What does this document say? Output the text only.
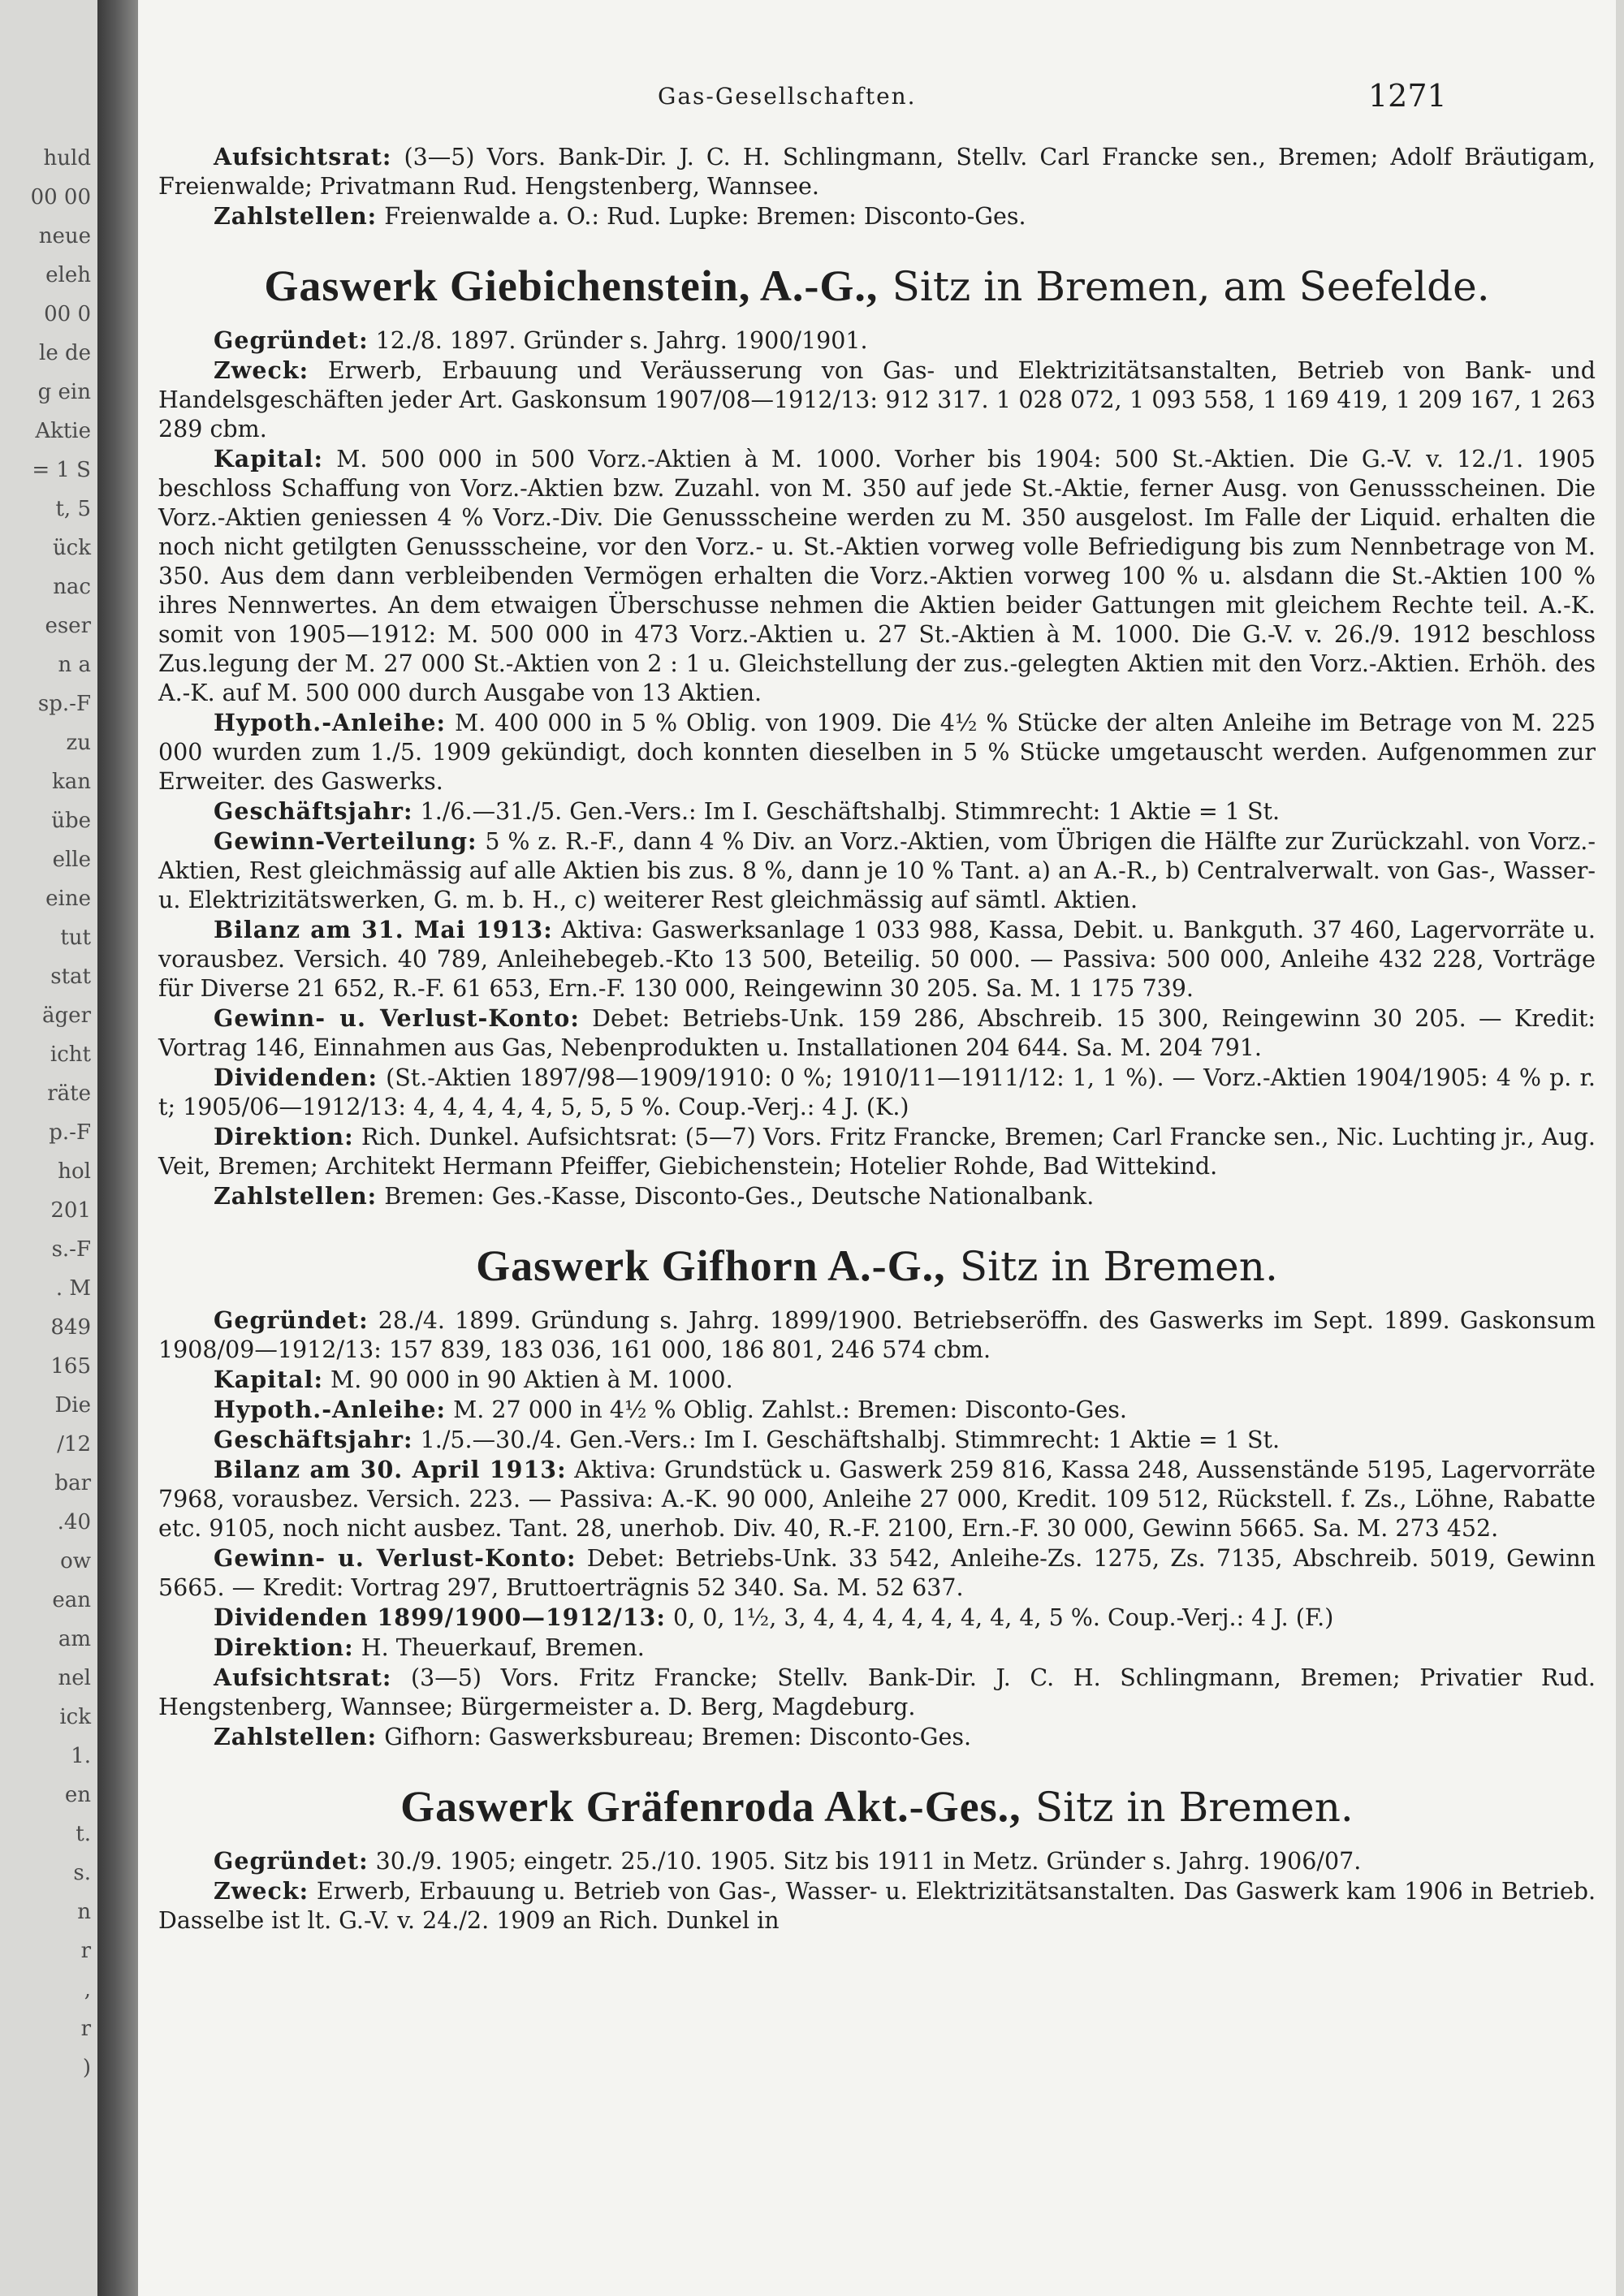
huld
00 00
neue
eleh
00 0
le de
g ein
Aktie
= 1 S
t, 5
ück
nac
eser
n a
sp.-F
zu
kan
übe
elle
eine
tut
stat
äger
icht
räte
p.-F
hol
201
s.-F
. M
849
165
Die
/12
bar
.40
ow
ean
am
nel
ick
1.
en
t.
s.
n
r
,
r
)
Gas-Gesellschaften.	1271

Aufsichtsrat: (3—5) Vors. Bank-Dir. J. C. H. Schlingmann, Stellv. Carl Francke sen., Bremen; Adolf Bräutigam, Freienwalde; Privatmann Rud. Hengstenberg, Wannsee.

Zahlstellen: Freienwalde a. O.: Rud. Lupke: Bremen: Disconto-Ges.

Gaswerk Giebichenstein, A.-G., Sitz in Bremen, am Seefelde.

Gegründet: 12./8. 1897. Gründer s. Jahrg. 1900/1901.

Zweck: Erwerb, Erbauung und Veräusserung von Gas- und Elektrizitätsanstalten, Betrieb von Bank- und Handelsgeschäften jeder Art. Gaskonsum 1907/08—1912/13: 912 317. 1 028 072, 1 093 558, 1 169 419, 1 209 167, 1 263 289 cbm.

Kapital: M. 500 000 in 500 Vorz.-Aktien à M. 1000. Vorher bis 1904: 500 St.-Aktien. Die G.-V. v. 12./1. 1905 beschloss Schaffung von Vorz.-Aktien bzw. Zuzahl. von M. 350 auf jede St.-Aktie, ferner Ausg. von Genussscheinen. Die Vorz.-Aktien geniessen 4 % Vorz.-Div. Die Genussscheine werden zu M. 350 ausgelost. Im Falle der Liquid. erhalten die noch nicht getilgten Genussscheine, vor den Vorz.- u. St.-Aktien vorweg volle Befriedigung bis zum Nennbetrage von M. 350. Aus dem dann verbleibenden Vermögen erhalten die Vorz.-Aktien vorweg 100 % u. alsdann die St.-Aktien 100 % ihres Nennwertes. An dem etwaigen Überschusse nehmen die Aktien beider Gattungen mit gleichem Rechte teil. A.-K. somit von 1905—1912: M. 500 000 in 473 Vorz.-Aktien u. 27 St.-Aktien à M. 1000. Die G.-V. v. 26./9. 1912 beschloss Zus.legung der M. 27 000 St.-Aktien von 2 : 1 u. Gleichstellung der zus.-gelegten Aktien mit den Vorz.-Aktien. Erhöh. des A.-K. auf M. 500 000 durch Ausgabe von 13 Aktien.

Hypoth.-Anleihe: M. 400 000 in 5 % Oblig. von 1909. Die 4½ % Stücke der alten Anleihe im Betrage von M. 225 000 wurden zum 1./5. 1909 gekündigt, doch konnten dieselben in 5 % Stücke umgetauscht werden. Aufgenommen zur Erweiter. des Gaswerks.

Geschäftsjahr: 1./6.—31./5. Gen.-Vers.: Im I. Geschäftshalbj. Stimmrecht: 1 Aktie = 1 St.

Gewinn-Verteilung: 5 % z. R.-F., dann 4 % Div. an Vorz.-Aktien, vom Übrigen die Hälfte zur Zurückzahl. von Vorz.-Aktien, Rest gleichmässig auf alle Aktien bis zus. 8 %, dann je 10 % Tant. a) an A.-R., b) Centralverwalt. von Gas-, Wasser- u. Elektrizitätswerken, G. m. b. H., c) weiterer Rest gleichmässig auf sämtl. Aktien.

Bilanz am 31. Mai 1913: Aktiva: Gaswerksanlage 1 033 988, Kassa, Debit. u. Bankguth. 37 460, Lagervorräte u. vorausbez. Versich. 40 789, Anleihebegeb.-Kto 13 500, Beteilig. 50 000. — Passiva: 500 000, Anleihe 432 228, Vorträge für Diverse 21 652, R.-F. 61 653, Ern.-F. 130 000, Reingewinn 30 205. Sa. M. 1 175 739.

Gewinn- u. Verlust-Konto: Debet: Betriebs-Unk. 159 286, Abschreib. 15 300, Reingewinn 30 205. — Kredit: Vortrag 146, Einnahmen aus Gas, Nebenprodukten u. Installationen 204 644. Sa. M. 204 791.

Dividenden: (St.-Aktien 1897/98—1909/1910: 0 %; 1910/11—1911/12: 1, 1 %). — Vorz.-Aktien 1904/1905: 4 % p. r. t; 1905/06—1912/13: 4, 4, 4, 4, 4, 5, 5, 5 %. Coup.-Verj.: 4 J. (K.)

Direktion: Rich. Dunkel. Aufsichtsrat: (5—7) Vors. Fritz Francke, Bremen; Carl Francke sen., Nic. Luchting jr., Aug. Veit, Bremen; Architekt Hermann Pfeiffer, Giebichenstein; Hotelier Rohde, Bad Wittekind.

Zahlstellen: Bremen: Ges.-Kasse, Disconto-Ges., Deutsche Nationalbank.

Gaswerk Gifhorn A.-G., Sitz in Bremen.

Gegründet: 28./4. 1899. Gründung s. Jahrg. 1899/1900. Betriebseröffn. des Gaswerks im Sept. 1899. Gaskonsum 1908/09—1912/13: 157 839, 183 036, 161 000, 186 801, 246 574 cbm.

Kapital: M. 90 000 in 90 Aktien à M. 1000.

Hypoth.-Anleihe: M. 27 000 in 4½ % Oblig. Zahlst.: Bremen: Disconto-Ges.

Geschäftsjahr: 1./5.—30./4. Gen.-Vers.: Im I. Geschäftshalbj. Stimmrecht: 1 Aktie = 1 St.

Bilanz am 30. April 1913: Aktiva: Grundstück u. Gaswerk 259 816, Kassa 248, Aussenstände 5195, Lagervorräte 7968, vorausbez. Versich. 223. — Passiva: A.-K. 90 000, Anleihe 27 000, Kredit. 109 512, Rückstell. f. Zs., Löhne, Rabatte etc. 9105, noch nicht ausbez. Tant. 28, unerhob. Div. 40, R.-F. 2100, Ern.-F. 30 000, Gewinn 5665. Sa. M. 273 452.

Gewinn- u. Verlust-Konto: Debet: Betriebs-Unk. 33 542, Anleihe-Zs. 1275, Zs. 7135, Abschreib. 5019, Gewinn 5665. — Kredit: Vortrag 297, Bruttoerträgnis 52 340. Sa. M. 52 637.

Dividenden 1899/1900—1912/13: 0, 0, 1½, 3, 4, 4, 4, 4, 4, 4, 4, 4, 5 %. Coup.-Verj.: 4 J. (F.)

Direktion: H. Theuerkauf, Bremen.

Aufsichtsrat: (3—5) Vors. Fritz Francke; Stellv. Bank-Dir. J. C. H. Schlingmann, Bremen; Privatier Rud. Hengstenberg, Wannsee; Bürgermeister a. D. Berg, Magdeburg.

Zahlstellen: Gifhorn: Gaswerksbureau; Bremen: Disconto-Ges.

Gaswerk Gräfenroda Akt.-Ges., Sitz in Bremen.

Gegründet: 30./9. 1905; eingetr. 25./10. 1905. Sitz bis 1911 in Metz. Gründer s. Jahrg. 1906/07.

Zweck: Erwerb, Erbauung u. Betrieb von Gas-, Wasser- u. Elektrizitätsanstalten. Das Gaswerk kam 1906 in Betrieb. Dasselbe ist lt. G.-V. v. 24./2. 1909 an Rich. Dunkel in
